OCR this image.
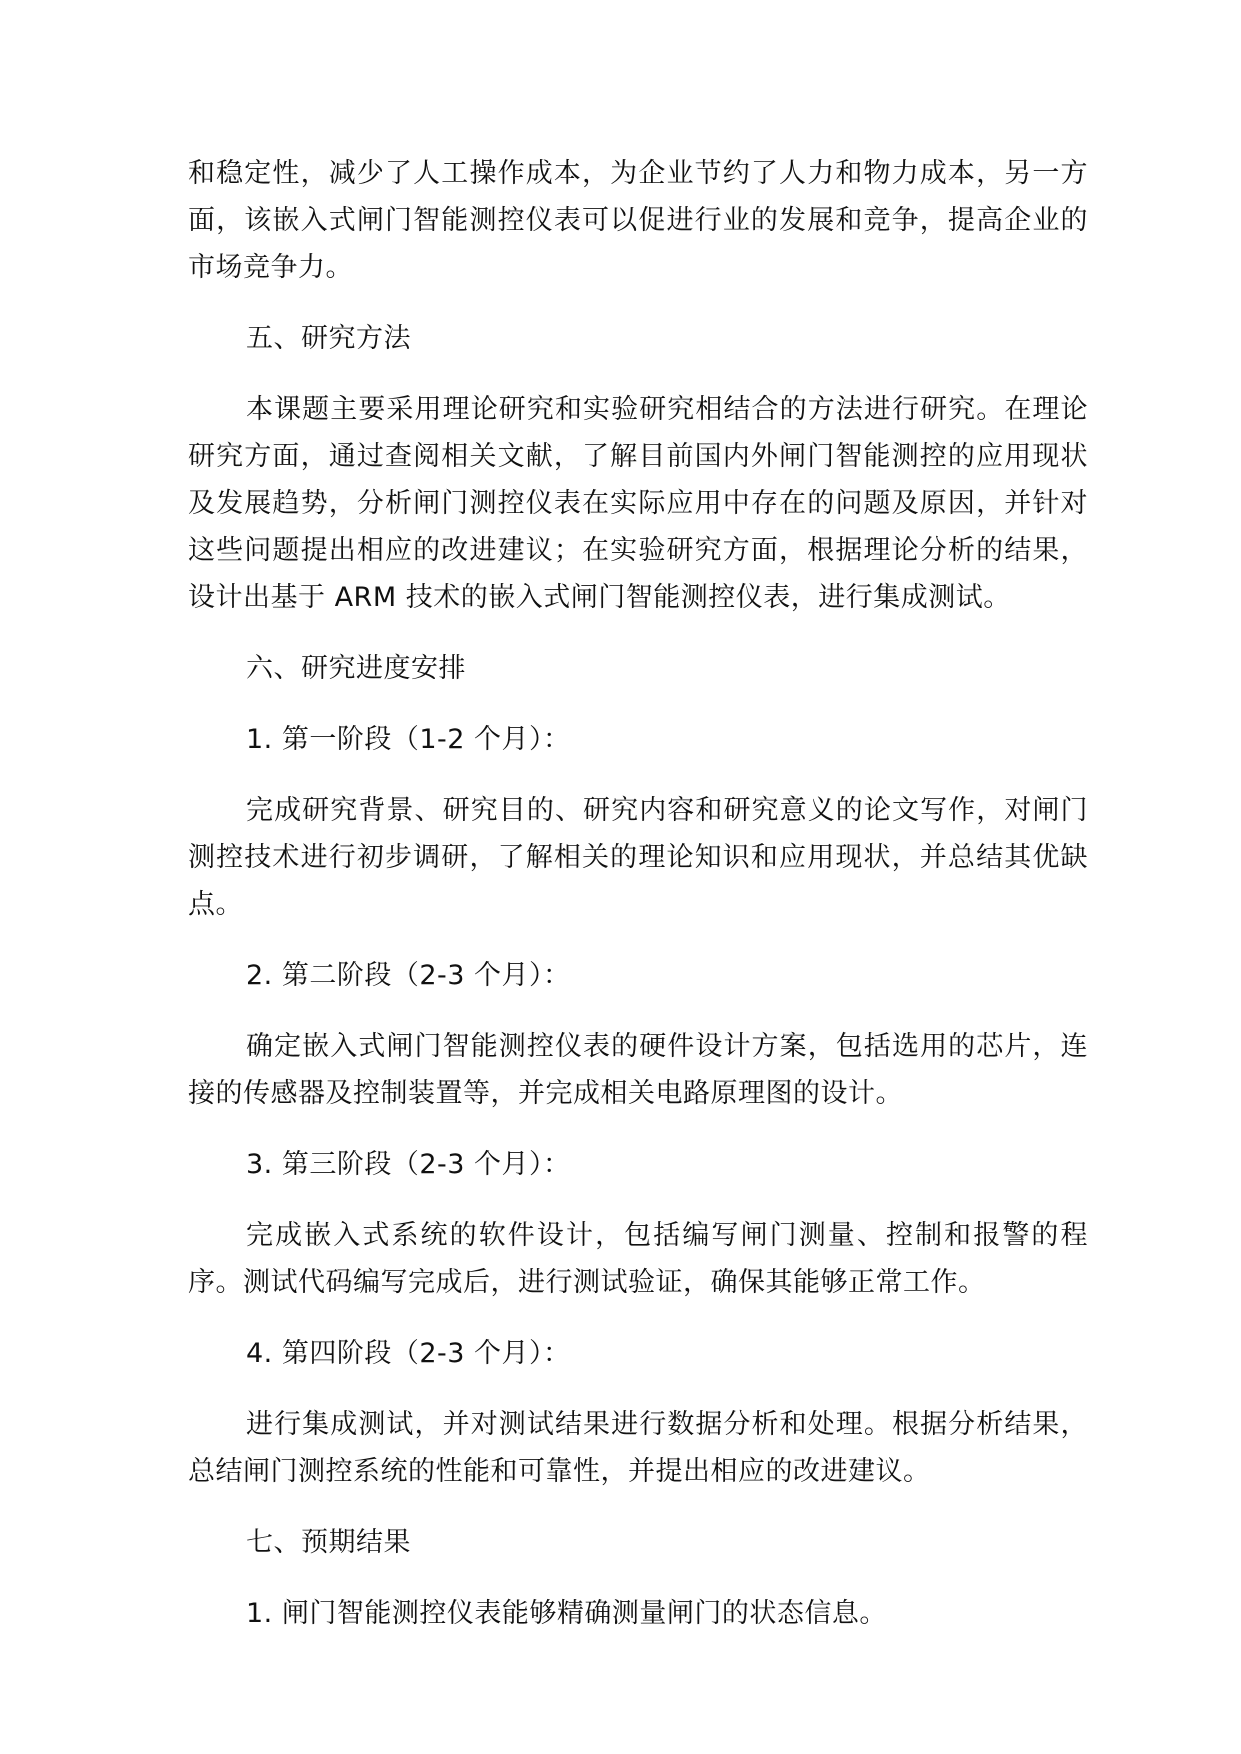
和稳定性，减少了人工操作成本，为企业节约了人力和物力成本，另一方面，该嵌入式闸门智能测控仪表可以促进行业的发展和竞争，提高企业的市场竞争力。

五、研究方法

本课题主要采用理论研究和实验研究相结合的方法进行研究。在理论研究方面，通过查阅相关文献，了解目前国内外闸门智能测控的应用现状及发展趋势，分析闸门测控仪表在实际应用中存在的问题及原因，并针对这些问题提出相应的改进建议；在实验研究方面，根据理论分析的结果，设计出基于 ARM 技术的嵌入式闸门智能测控仪表，进行集成测试。

六、研究进度安排

1. 第一阶段（1-2 个月）：

完成研究背景、研究目的、研究内容和研究意义的论文写作，对闸门测控技术进行初步调研，了解相关的理论知识和应用现状，并总结其优缺点。

2. 第二阶段（2-3 个月）：

确定嵌入式闸门智能测控仪表的硬件设计方案，包括选用的芯片，连接的传感器及控制装置等，并完成相关电路原理图的设计。

3. 第三阶段（2-3 个月）：

完成嵌入式系统的软件设计，包括编写闸门测量、控制和报警的程序。测试代码编写完成后，进行测试验证，确保其能够正常工作。

4. 第四阶段（2-3 个月）：

进行集成测试，并对测试结果进行数据分析和处理。根据分析结果，总结闸门测控系统的性能和可靠性，并提出相应的改进建议。

七、预期结果

1. 闸门智能测控仪表能够精确测量闸门的状态信息。
